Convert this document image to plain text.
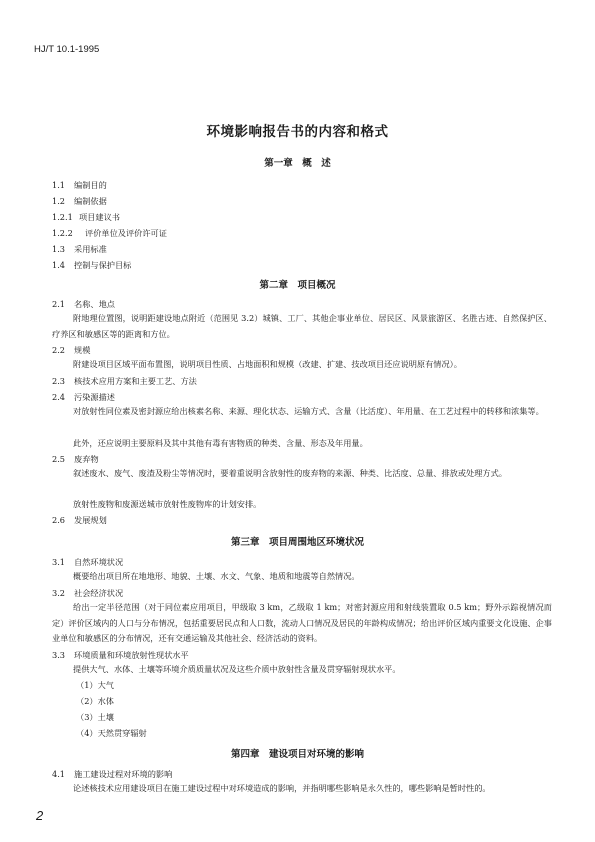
HJ/T 10.1-1995
环境影响报告书的内容和格式
第一章　概　述
1.1 编制目的
1.2 编制依据
1.2.1 项目建议书
1.2.2 评价单位及评价许可证
1.3 采用标准
1.4 控制与保护目标
第二章　项目概况
2.1 名称、地点
附地理位置图，说明距建设地点附近（范围见 3.2）城镇、工厂、其他企事业单位、居民区、风景旅游区、名胜古迹、自然保护区、疗养区和敏感区等的距离和方位。
2.2 规模
附建设项目区域平面布置图，说明项目性质、占地面积和规模（改建、扩建、技改项目还应说明原有情况）。
2.3 核技术应用方案和主要工艺、方法
2.4 污染源描述
对放射性同位素及密封源应给出核素名称、来源、理化状态、运输方式、含量（比活度）、年用量、在工艺过程中的转移和浓集等。
此外，还应说明主要原料及其中其他有毒有害物质的种类、含量、形态及年用量。
2.5 废弃物
叙述废水、废气、废渣及粉尘等情况时，要着重说明含放射性的废弃物的来源、种类、比活度、总量、排放或处理方式。
放射性废物和废源送城市放射性废物库的计划安排。
2.6 发展规划
第三章　项目周围地区环境状况
3.1 自然环境状况
概要给出项目所在地地形、地貌、土壤、水文、气象、地质和地震等自然情况。
3.2 社会经济状况
给出一定半径范围（对于同位素应用项目，甲级取 3 km，乙级取 1 km；对密封源应用和射线装置取 0.5 km；野外示踪视情况而定）评价区域内的人口与分布情况，包括重要居民点和人口数，流动人口情况及居民的年龄构成情况；给出评价区域内重要文化设施、企事业单位和敏感区的分布情况，还有交通运输及其他社会、经济活动的资料。
3.3 环境质量和环境放射性现状水平
提供大气、水体、土壤等环境介质质量状况及这些介质中放射性含量及贯穿辐射现状水平。
（1）大气
（2）水体
（3）土壤
（4）天然贯穿辐射
第四章　建设项目对环境的影响
4.1 施工建设过程对环境的影响
论述核技术应用建设项目在施工建设过程中对环境造成的影响，并指明哪些影响是永久性的，哪些影响是暂时性的。
2
